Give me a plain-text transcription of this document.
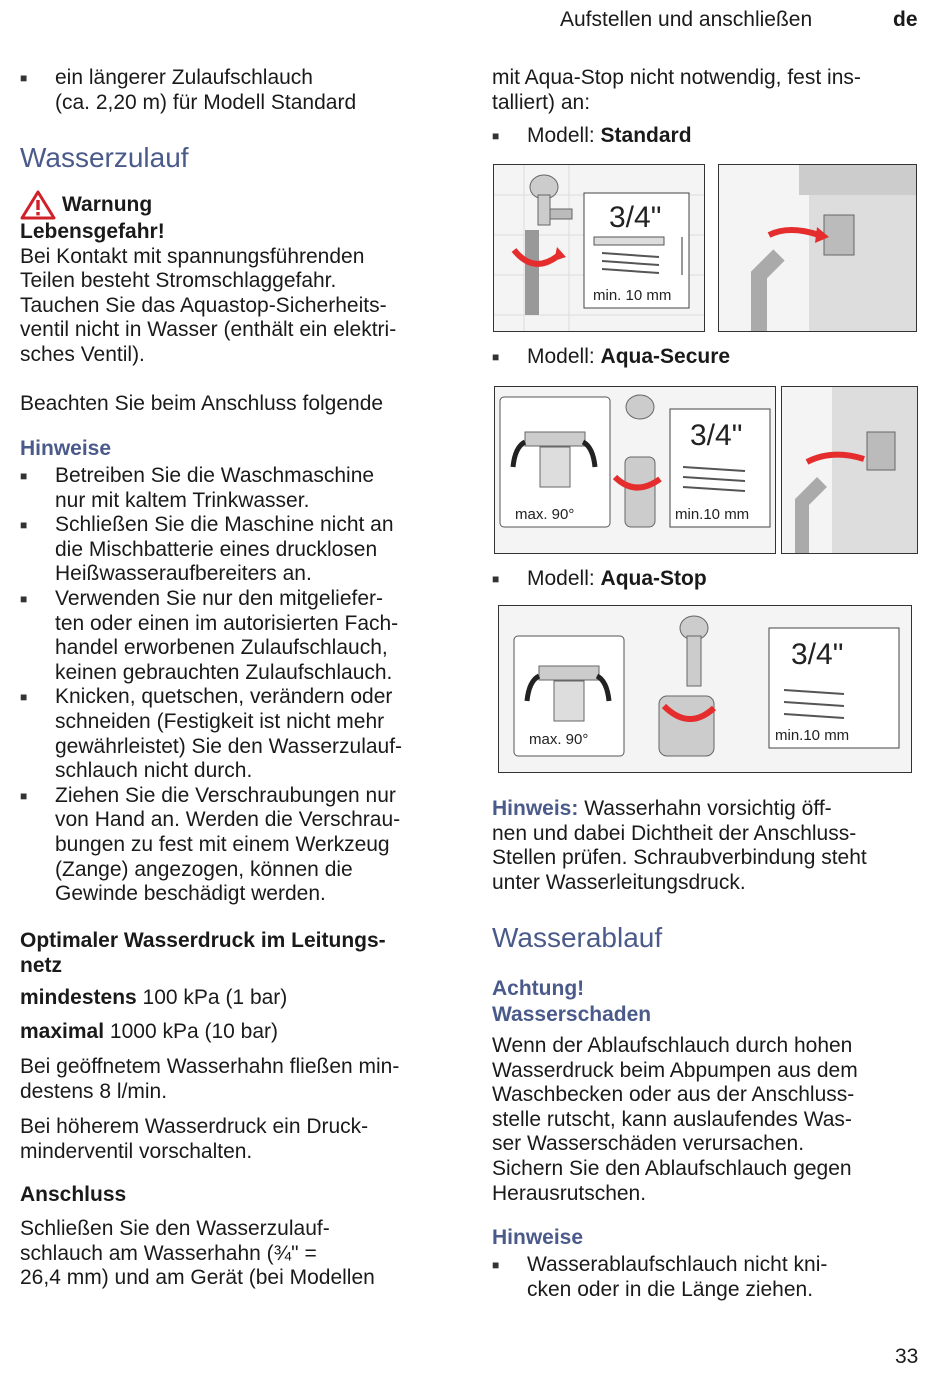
Aufstellen und anschließen	de
■ ein längerer Zulaufschlauch
(ca. 2,20 m) für Modell Standard
Wasserzulauf
Warnung
Lebensgefahr!
Bei Kontakt mit spannungsführenden
Teilen besteht Stromschlaggefahr.
Tauchen Sie das Aquastop-Sicherheits-
ventil nicht in Wasser (enthält ein elektri-
sches Ventil).

Beachten Sie beim Anschluss folgende

Hinweise
■ Betreiben Sie die Waschmaschine
nur mit kaltem Trinkwasser.
■ Schließen Sie die Maschine nicht an
die Mischbatterie eines drucklosen
Heißwasseraufbereiters an.
■ Verwenden Sie nur den mitgeliefer-
ten oder einen im autorisierten Fach-
handel erworbenen Zulaufschlauch,
keinen gebrauchten Zulaufschlauch.
■ Knicken, quetschen, verändern oder
schneiden (Festigkeit ist nicht mehr
gewährleistet) Sie den Wasserzulauf-
schlauch nicht durch.
■ Ziehen Sie die Verschraubungen nur
von Hand an. Werden die Verschrau-
bungen zu fest mit einem Werkzeug
(Zange) angezogen, können die
Gewinde beschädigt werden.
Optimaler Wasserdruck im Leitungs-
netz
mindestens 100 kPa (1 bar)
maximal 1000 kPa (10 bar)
Bei geöffnetem Wasserhahn fließen min-
destens 8 l/min.
Bei höherem Wasserdruck ein Druck-
minderventil vorschalten.
Anschluss
Schließen Sie den Wasserzulauf-
schlauch am Wasserhahn (¾" =
26,4 mm) und am Gerät (bei Modellen
mit Aqua-Stop nicht notwendig, fest ins-
talliert) an:
■ Modell: Standard
3/4"
min. 10 mm
■ Modell: Aqua-Secure
max. 90°
3/4"
min.10 mm
■ Modell: Aqua-Stop
max. 90°
3/4"
min.10 mm
Hinweis: Wasserhahn vorsichtig öff-
nen und dabei Dichtheit der Anschluss-
Stellen prüfen. Schraubverbindung steht
unter Wasserleitungsdruck.
Wasserablauf
Achtung!
Wasserschaden
Wenn der Ablaufschlauch durch hohen
Wasserdruck beim Abpumpen aus dem
Waschbecken oder aus der Anschluss-
stelle rutscht, kann auslaufendes Was-
ser Wasserschäden verursachen.
Sichern Sie den Ablaufschlauch gegen
Herausrutschen.
Hinweise
■ Wasserablaufschlauch nicht kni-
cken oder in die Länge ziehen.
33
